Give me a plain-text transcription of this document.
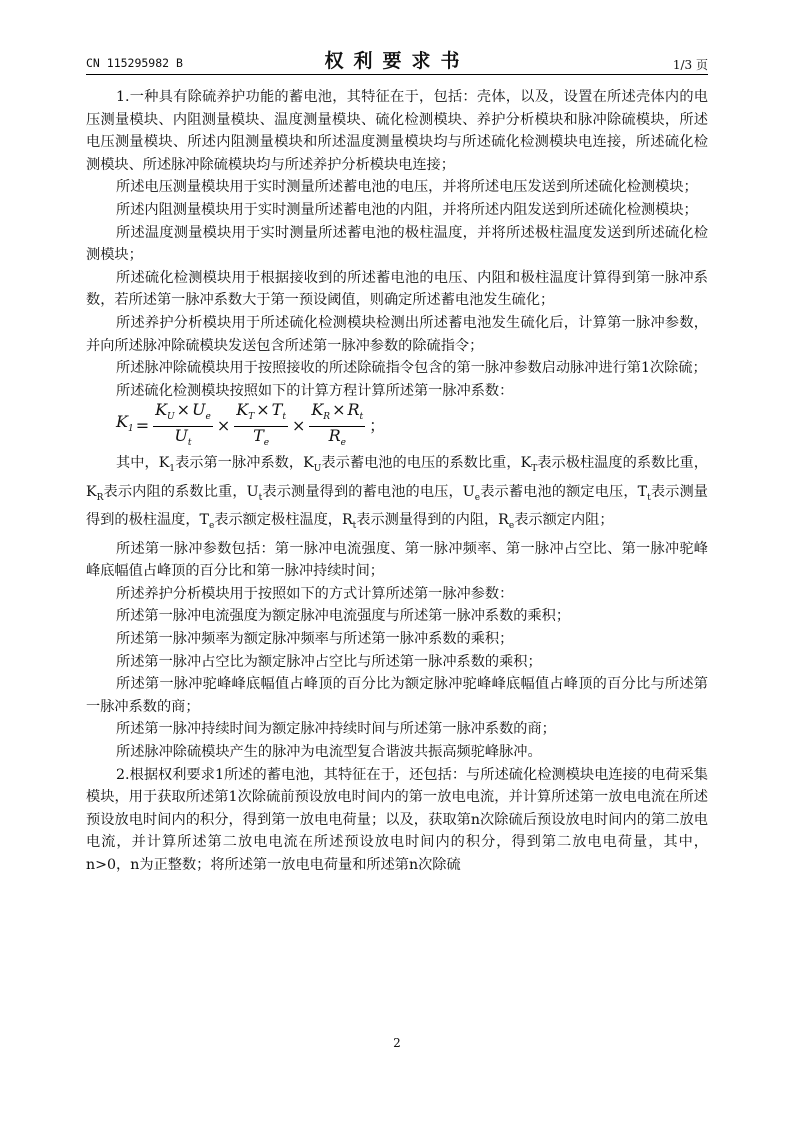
CN 115295982 B	权利要求书	1/3 页

1.一种具有除硫养护功能的蓄电池，其特征在于，包括：壳体，以及，设置在所述壳体内的电压测量模块、内阻测量模块、温度测量模块、硫化检测模块、养护分析模块和脉冲除硫模块，所述电压测量模块、所述内阻测量模块和所述温度测量模块均与所述硫化检测模块电连接，所述硫化检测模块、所述脉冲除硫模块均与所述养护分析模块电连接；

所述电压测量模块用于实时测量所述蓄电池的电压，并将所述电压发送到所述硫化检测模块；

所述内阻测量模块用于实时测量所述蓄电池的内阻，并将所述内阻发送到所述硫化检测模块；

所述温度测量模块用于实时测量所述蓄电池的极柱温度，并将所述极柱温度发送到所述硫化检测模块；

所述硫化检测模块用于根据接收到的所述蓄电池的电压、内阻和极柱温度计算得到第一脉冲系数，若所述第一脉冲系数大于第一预设阈值，则确定所述蓄电池发生硫化；

所述养护分析模块用于所述硫化检测模块检测出所述蓄电池发生硫化后，计算第一脉冲参数，并向所述脉冲除硫模块发送包含所述第一脉冲参数的除硫指令；

所述脉冲除硫模块用于按照接收的所述除硫指令包含的第一脉冲参数启动脉冲进行第1次除硫；

所述硫化检测模块按照如下的计算方程计算所述第一脉冲系数：

$K_1 = \frac{K_U \times U_e}{U_t} \times \frac{K_T \times T_t}{T_e} \times \frac{K_R \times R_t}{R_e}$ ；

其中，$K_1$表示第一脉冲系数，$K_U$表示蓄电池的电压的系数比重，$K_T$表示极柱温度的系数比重，$K_R$表示内阻的系数比重，$U_t$表示测量得到的蓄电池的电压，$U_e$表示蓄电池的额定电压，$T_t$表示测量得到的极柱温度，$T_e$表示额定极柱温度，$R_t$表示测量得到的内阻，$R_e$表示额定内阻；

所述第一脉冲参数包括：第一脉冲电流强度、第一脉冲频率、第一脉冲占空比、第一脉冲驼峰峰底幅值占峰顶的百分比和第一脉冲持续时间；

所述养护分析模块用于按照如下的方式计算所述第一脉冲参数：

所述第一脉冲电流强度为额定脉冲电流强度与所述第一脉冲系数的乘积；

所述第一脉冲频率为额定脉冲频率与所述第一脉冲系数的乘积；

所述第一脉冲占空比为额定脉冲占空比与所述第一脉冲系数的乘积；

所述第一脉冲驼峰峰底幅值占峰顶的百分比为额定脉冲驼峰峰底幅值占峰顶的百分比与所述第一脉冲系数的商；

所述第一脉冲持续时间为额定脉冲持续时间与所述第一脉冲系数的商；

所述脉冲除硫模块产生的脉冲为电流型复合谐波共振高频驼峰脉冲。

2.根据权利要求1所述的蓄电池，其特征在于，还包括：与所述硫化检测模块电连接的电荷采集模块，用于获取所述第1次除硫前预设放电时间内的第一放电电流，并计算所述第一放电电流在所述预设放电时间内的积分，得到第一放电电荷量；以及，获取第n次除硫后预设放电时间内的第二放电电流，并计算所述第二放电电流在所述预设放电时间内的积分，得到第二放电电荷量，其中，n>0，n为正整数；将所述第一放电电荷量和所述第n次除硫

2
